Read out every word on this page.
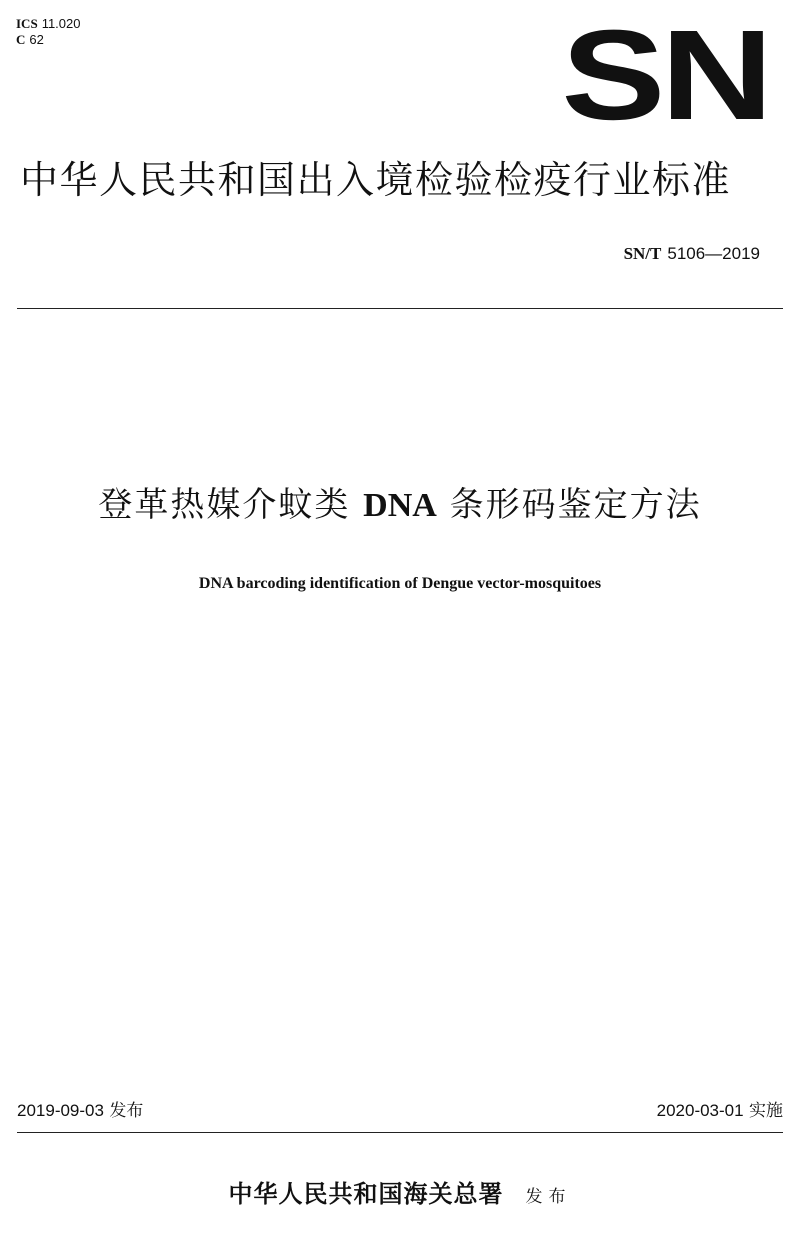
ICS 11.020
C 62	SN
中华人民共和国出入境检验检疫行业标准
SN/T 5106—2019
登革热媒介蚊类 DNA 条形码鉴定方法
DNA barcoding identification of Dengue vector-mosquitoes
2019-09-03 发布	2020-03-01 实施
中华人民共和国海关总署 发布
